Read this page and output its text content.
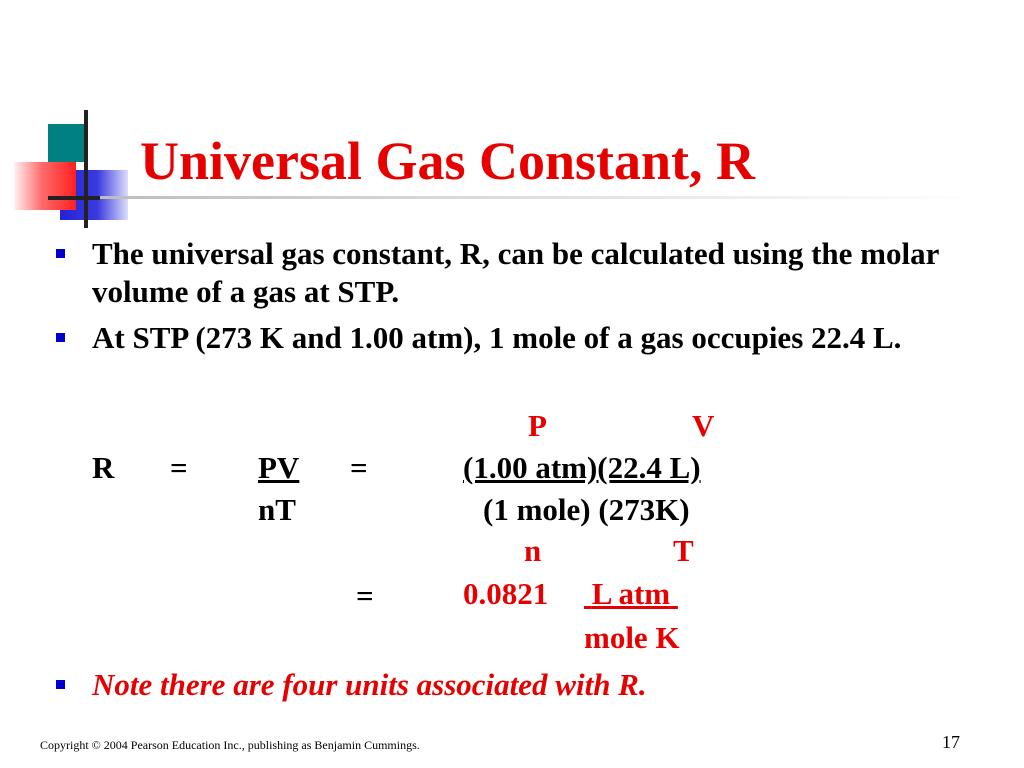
Universal Gas Constant, R
The universal gas constant, R, can be calculated using the molar volume of a gas at STP.
At STP (273 K and 1.00 atm), 1 mole of a gas occupies 22.4 L.
P	V
R = PV =	(1.00 atm)(22.4 L)
nT	(1 mole) (273K)
n	T
=	0.0821 L atm
mole K
Note there are four units associated with R.
Copyright © 2004 Pearson Education Inc., publishing as Benjamin Cummings.	17
